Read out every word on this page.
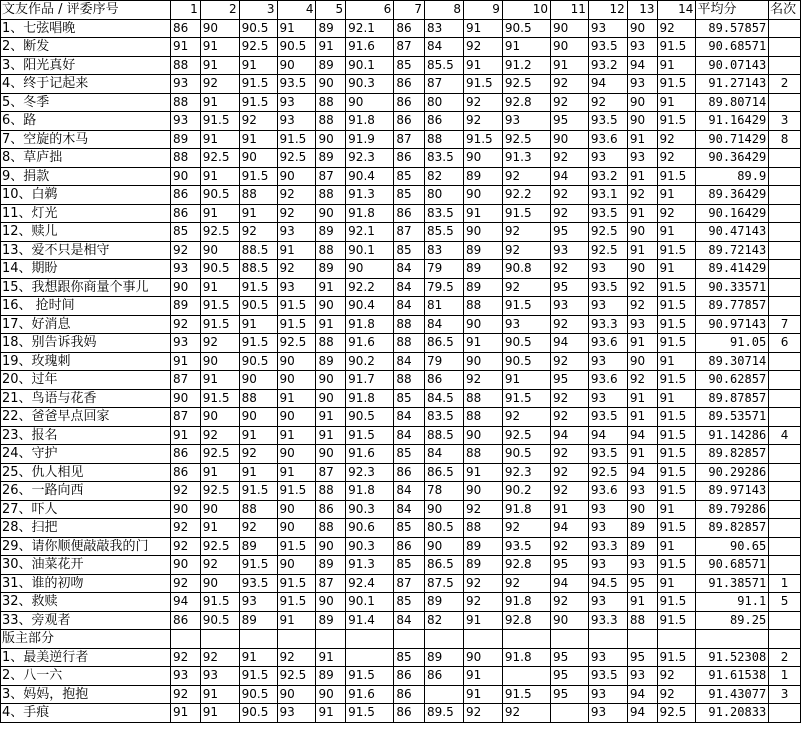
文友作品 / 评委序号	1	2	3	4	5	6	7	8	9	10	11	12	13	14	平均分	名次
1、七弦唱晚	86	90	90.5	91	89	92.1	86	83	91	90.5	90	93	90	92	89.57857	
2、断发	91	91	92.5	90.5	91	91.6	87	84	92	91	90	93.5	93	91.5	90.68571	
3、阳光真好	88	91	91	90	89	90.1	85	85.5	91	91.2	91	93.2	94	91	90.07143	
4、终于记起来	93	92	91.5	93.5	90	90.3	86	87	91.5	92.5	92	94	93	91.5	91.27143	2
5、冬季	88	91	91.5	93	88	90	86	80	92	92.8	92	92	90	91	89.80714	
6、路	93	91.5	92	93	88	91.8	86	86	92	93	95	93.5	90	91.5	91.16429	3
7、空旋的木马	89	91	91	91.5	90	91.9	87	88	91.5	92.5	90	93.6	91	92	90.71429	8
8、草庐拙	88	92.5	90	92.5	89	92.3	86	83.5	90	91.3	92	93	93	92	90.36429	
9、捐款	90	91	91.5	90	87	90.4	85	82	89	92	94	93.2	91	91.5	89.9	
10、白鹈	86	90.5	88	92	88	91.3	85	80	90	92.2	92	93.1	92	91	89.36429	
11、灯光	86	91	91	92	90	91.8	86	83.5	91	91.5	92	93.5	91	92	90.16429	
12、赎儿	85	92.5	92	93	89	92.1	87	85.5	90	92	95	92.5	90	91	90.47143	
13、爱不只是相守	92	90	88.5	91	88	90.1	85	83	89	92	93	92.5	91	91.5	89.72143	
14、期盼	93	90.5	88.5	92	89	90	84	79	89	90.8	92	93	90	91	89.41429	
15、我想跟你商量个事儿	90	91	91.5	93	91	92.2	84	79.5	89	92	95	93.5	92	91.5	90.33571	
16、 抢时间	89	91.5	90.5	91.5	90	90.4	84	81	88	91.5	93	93	92	91.5	89.77857	
17、好消息	92	91.5	91	91.5	91	91.8	88	84	90	93	92	93.3	93	91.5	90.97143	7
18、别告诉我妈	93	92	91.5	92.5	88	91.6	88	86.5	91	90.5	94	93.6	91	91.5	91.05	6
19、玫瑰刺	91	90	90.5	90	89	90.2	84	79	90	90.5	92	93	90	91	89.30714	
20、过年	87	91	90	90	90	91.7	88	86	92	91	95	93.6	92	91.5	90.62857	
21、鸟语与花香	90	91.5	88	91	90	91.8	85	84.5	88	91.5	92	93	91	91	89.87857	
22、爸爸早点回家	87	90	90	90	91	90.5	84	83.5	88	92	92	93.5	91	91.5	89.53571	
23、报名	91	92	91	91	91	91.5	84	88.5	90	92.5	94	94	94	91.5	91.14286	4
24、守护	86	92.5	92	90	90	91.6	85	84	88	90.5	92	93.5	91	91.5	89.82857	
25、仇人相见	86	91	91	91	87	92.3	86	86.5	91	92.3	92	92.5	94	91.5	90.29286	
26、一路向西	92	92.5	91.5	91.5	88	91.8	84	78	90	90.2	92	93.6	93	91.5	89.97143	
27、吓人	90	90	88	90	86	90.3	84	90	92	91.8	91	93	90	91	89.79286	
28、扫把	92	91	92	90	88	90.6	85	80.5	88	92	94	93	89	91.5	89.82857	
29、请你顺便敲敲我的门	92	92.5	89	91.5	90	90.3	86	90	89	93.5	92	93.3	89	91	90.65	
30、油菜花开	90	92	91.5	90	89	91.3	85	86.5	89	92.8	95	93	93	91.5	90.68571	
31、谁的初吻	92	90	93.5	91.5	87	92.4	87	87.5	92	92	94	94.5	95	91	91.38571	1
32、救赎	94	91.5	93	91.5	90	90.1	85	89	92	91.8	92	93	91	91.5	91.1	5
33、旁观者	86	90.5	89	91	89	91.4	84	82	91	92.8	90	93.3	88	91.5	89.25	
版主部分																
1、最美逆行者	92	92	91	92	91		85	89	90	91.8	95	93	95	91.5	91.52308	2
2、八一六	93	93	91.5	92.5	89	91.5	86	86	91		95	93.5	93	92	91.61538	1
3、妈妈，抱抱	92	91	90.5	90	90	91.6	86		91	91.5	95	93	94	92	91.43077	3
4、手痕	91	91	90.5	93	91	91.5	86	89.5	92	92		93	94	92.5	91.20833	
